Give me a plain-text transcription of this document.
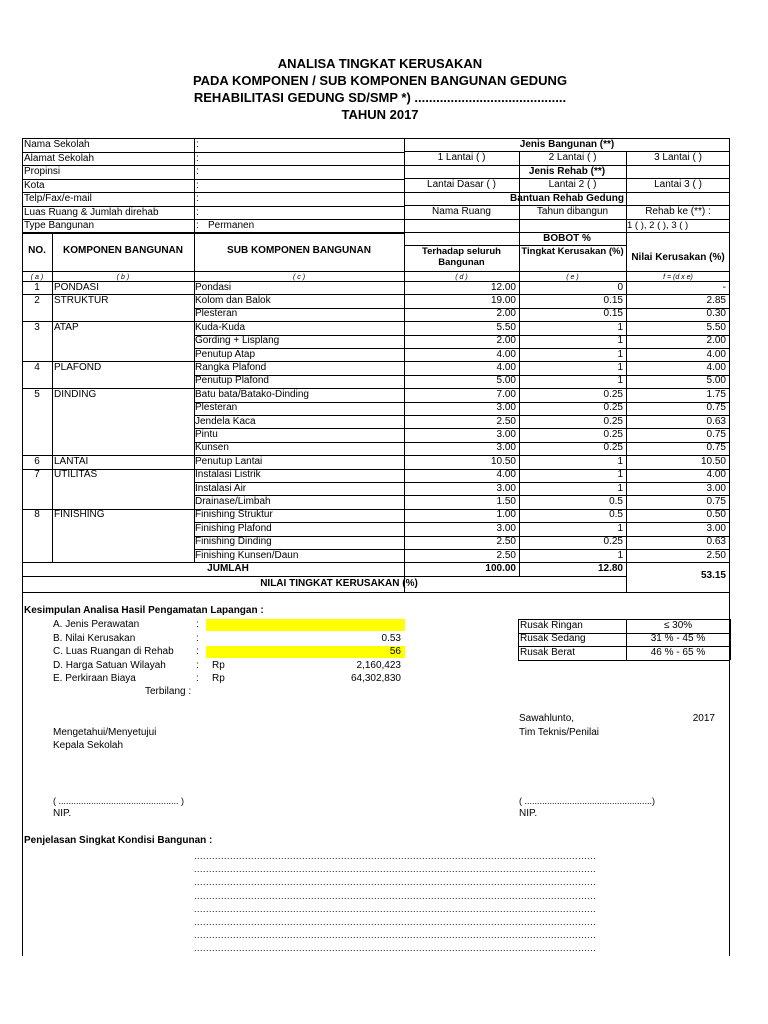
ANALISA TINGKAT KERUSAKAN
PADA KOMPONEN / SUB KOMPONEN BANGUNAN GEDUNG
REHABILITASI GEDUNG SD/SMP *) ..........................................
TAHUN 2017
Nama Sekolah	:
Alamat Sekolah	:
Propinsi	:
Kota	:
Telp/Fax/e-mail	:
Luas Ruang & Jumlah direhab	:
Type Bangunan	: Permanen
Jenis Bangunan (**)
1 Lantai ( )	2 Lantai ( )	3 Lantai ( )
Jenis Rehab (**)
Lantai Dasar ( )	Lantai 2 ( )	Lantai 3 ( )
Bantuan Rehab Gedung
Nama Ruang	Tahun dibangun	Rehab ke (**) :
1 ( ), 2 ( ), 3 ( )
NO.	KOMPONEN BANGUNAN	SUB KOMPONEN BANGUNAN
BOBOT %
Terhadap seluruh Bangunan
Tingkat Kerusakan (%)
Nilai Kerusakan (%)
( a )	( b )	( c )	( d )	( e )	f = (d x e)
1	PONDASI	Pondasi	12.00	0	-
2	STRUKTUR	Kolom dan Balok	19.00	0.15	2.85
Plesteran	2.00	0.15	0.30
3	ATAP	Kuda-Kuda	5.50	1	5.50
Gording + Lisplang	2.00	1	2.00
Penutup Atap	4.00	1	4.00
4	PLAFOND	Rangka Plafond	4.00	1	4.00
Penutup Plafond	5.00	1	5.00
5	DINDING	Batu bata/Batako-Dinding	7.00	0.25	1.75
Plesteran	3.00	0.25	0.75
Jendela Kaca	2.50	0.25	0.63
Pintu	3.00	0.25	0.75
Kunsen	3.00	0.25	0.75
6	LANTAI	Penutup Lantai	10.50	1	10.50
7	UTILITAS	Instalasi Listrik	4.00	1	4.00
Instalasi Air	3.00	1	3.00
Drainase/Limbah	1.50	0.5	0.75
8	FINISHING	Finishing Struktur	1.00	0.5	0.50
Finishing Plafond	3.00	1	3.00
Finishing Dinding	2.50	0.25	0.63
Finishing Kunsen/Daun	2.50	1	2.50
JUMLAH	100.00	12.80
NILAI TINGKAT KERUSAKAN (%)
53.15
Kesimpulan Analisa Hasil Pengamatan Lapangan :
A. Jenis Perawatan	:
B. Nilai Kerusakan	:	0.53
C. Luas Ruangan di Rehab :	56
D. Harga Satuan Wilayah	: Rp	2,160,423
E. Perkiraan Biaya	: Rp	64,302,830
Terbilang :
Rusak Ringan	≤ 30%
Rusak Sedang	31 % - 45 %
Rusak Berat	46 % - 65 %
Sawahlunto,	2017
Mengetahui/Menyetujui	Tim Teknis/Penilai
Kepala Sekolah
( ................................................ )	( ...................................................)
NIP.	NIP.
Penjelasan Singkat Kondisi Bangunan :
......................................................................................................................................
......................................................................................................................................
......................................................................................................................................
......................................................................................................................................
......................................................................................................................................
......................................................................................................................................
......................................................................................................................................
......................................................................................................................................
